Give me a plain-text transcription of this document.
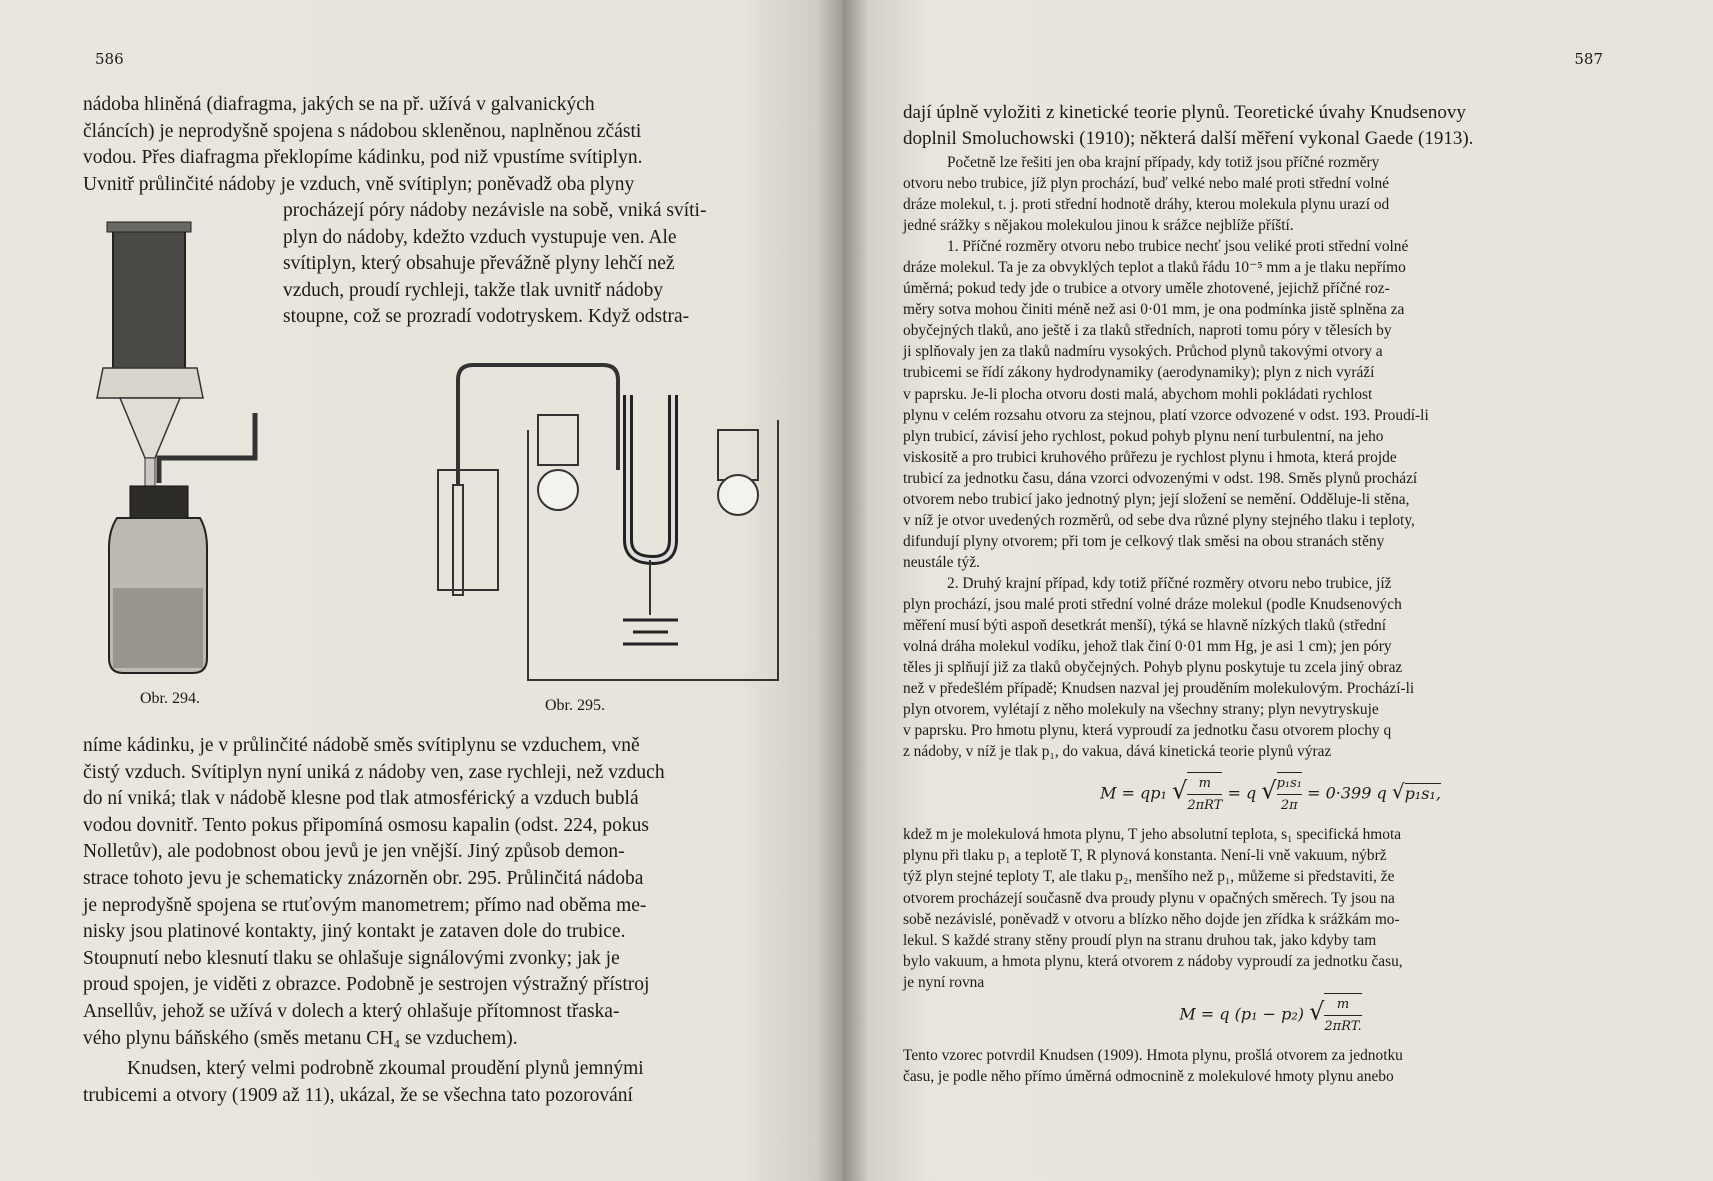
586

nádoba hliněná (diafragma, jakých se na př. užívá v galvanických

článcích) je neprodyšně spojena s nádobou skleněnou, naplněnou zčásti

vodou. Přes diafragma překlopíme kádinku, pod niž vpustíme svítiplyn.

Uvnitř průlinčité nádoby je vzduch, vně svítiplyn; poněvadž oba plyny

procházejí póry nádoby nezávisle na sobě, vniká svíti-

plyn do nádoby, kdežto vzduch vystupuje ven. Ale

svítiplyn, který obsahuje převážně plyny lehčí než

vzduch, proudí rychleji, takže tlak uvnitř nádoby

stoupne, což se prozradí vodotryskem. Když odstra-

Obr. 294.	Obr. 295.

níme kádinku, je v průlinčité nádobě směs svítiplynu se vzduchem, vně

čistý vzduch. Svítiplyn nyní uniká z nádoby ven, zase rychleji, než vzduch

do ní vniká; tlak v nádobě klesne pod tlak atmosférický a vzduch bublá

vodou dovnitř. Tento pokus připomíná osmosu kapalin (odst. 224, pokus

Nolletův), ale podobnost obou jevů je jen vnější. Jiný způsob demon-

strace tohoto jevu je schematicky znázorněn obr. 295. Průlinčitá nádoba

je neprodyšně spojena se rtuťovým manometrem; přímo nad oběma me-

nisky jsou platinové kontakty, jiný kontakt je zataven dole do trubice.

Stoupnutí nebo klesnutí tlaku se ohlašuje signálovými zvonky; jak je

proud spojen, je viděti z obrazce. Podobně je sestrojen výstražný přístroj

Ansellův, jehož se užívá v dolech a který ohlašuje přítomnost třaska-

vého plynu báňského (směs metanu CH₄ se vzduchem).

Knudsen, který velmi podrobně zkoumal proudění plynů jemnými

trubicemi a otvory (1909 až 11), ukázal, že se všechna tato pozorování

587

dají úplně vyložiti z kinetické teorie plynů. Teoretické úvahy Knudsenovy

doplnil Smoluchowski (1910); některá další měření vykonal Gaede (1913).

Početně lze řešiti jen oba krajní případy, kdy totiž jsou příčné rozměry

otvoru nebo trubice, jíž plyn prochází, buď velké nebo malé proti střední volné

dráze molekul, t. j. proti střední hodnotě dráhy, kterou molekula plynu urazí od

jedné srážky s nějakou molekulou jinou k srážce nejblíže příští.

1. Příčné rozměry otvoru nebo trubice nechť jsou veliké proti střední volné

dráze molekul. Ta je za obvyklých teplot a tlaků řádu 10⁻⁵ mm a je tlaku nepřímo

úměrná; pokud tedy jde o trubice a otvory uměle zhotovené, jejichž příčné roz-

měry sotva mohou činiti méně než asi 0·01 mm, je ona podmínka jistě splněna za

obyčejných tlaků, ano ještě i za tlaků středních, naproti tomu póry v tělesích by

ji splňovaly jen za tlaků nadmíru vysokých. Průchod plynů takovými otvory a

trubicemi se řídí zákony hydrodynamiky (aerodynamiky); plyn z nich vyráží

v paprsku. Je-li plocha otvoru dosti malá, abychom mohli pokládati rychlost

plynu v celém rozsahu otvoru za stejnou, platí vzorce odvozené v odst. 193. Proudí-li

plyn trubicí, závisí jeho rychlost, pokud pohyb plynu není turbulentní, na jeho

viskositě a pro trubici kruhového průřezu je rychlost plynu i hmota, která projde

trubicí za jednotku času, dána vzorci odvozenými v odst. 198. Směs plynů prochází

otvorem nebo trubicí jako jednotný plyn; její složení se nemění. Odděluje-li stěna,

v níž je otvor uvedených rozměrů, od sebe dva různé plyny stejného tlaku i teploty,

difundují plyny otvorem; při tom je celkový tlak směsi na obou stranách stěny

neustále týž.

2. Druhý krajní případ, kdy totiž příčné rozměry otvoru nebo trubice, jíž

plyn prochází, jsou malé proti střední volné dráze molekul (podle Knudsenových

měření musí býti aspoň desetkrát menší), týká se hlavně nízkých tlaků (střední

volná dráha molekul vodíku, jehož tlak činí 0·01 mm Hg, je asi 1 cm); jen póry

těles ji splňují již za tlaků obyčejných. Pohyb plynu poskytuje tu zcela jiný obraz

než v předešlém případě; Knudsen nazval jej prouděním molekulovým. Prochází-li

plyn otvorem, vylétají z něho molekuly na všechny strany; plyn nevytryskuje

v paprsku. Pro hmotu plynu, která vyproudí za jednotku času otvorem plochy q

z nádoby, v níž je tlak p₁, do vakua, dává kinetická teorie plynů výraz

M = qp₁ √ m
2πRT
= q √ $\frac{\text{p₁s₁}}{2\pi} = 0\cdot 399$ q √p₁s₁,

kdež m je molekulová hmota plynu, T jeho absolutní teplota, s₁ specifická hmota

plynu při tlaku p₁ a teplotě T, R plynová konstanta. Není-li vně vakuum, nýbrž

týž plyn stejné teploty T, ale tlaku p₂, menšího než p₁, můžeme si představiti, že

otvorem procházejí současně dva proudy plynu v opačných směrech. Ty jsou na

sobě nezávislé, poněvadž v otvoru a blízko něho dojde jen zřídka k srážkám mo-

lekul. S každé strany stěny proudí plyn na stranu druhou tak, jako kdyby tam

bylo vakuum, a hmota plynu, která otvorem z nádoby vyproudí za jednotku času,

je nyní rovna

M = q (p₁ − p₂) √ m
2πRT.

Tento vzorec potvrdil Knudsen (1909). Hmota plynu, prošlá otvorem za jednotku

času, je podle něho přímo úměrná odmocnině z molekulové hmoty plynu anebo
